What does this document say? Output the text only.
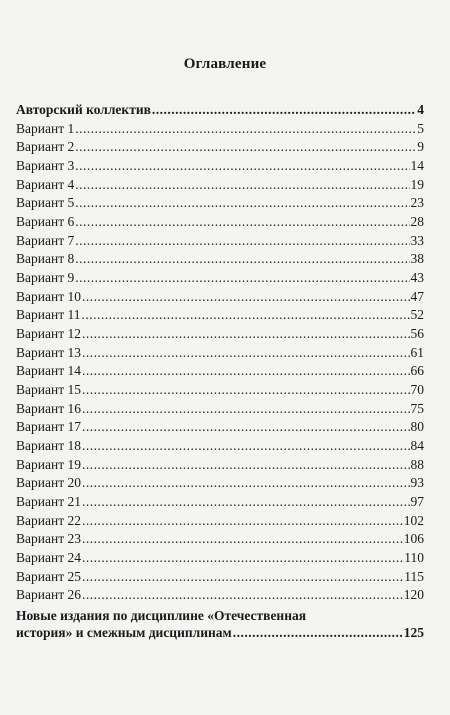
Оглавление
Авторский коллектив .....	4
Вариант 1 .....	5
Вариант 2 .....	9
Вариант 3 .....	14
Вариант 4 .....	19
Вариант 5 .....	23
Вариант 6 .....	28
Вариант 7 .....	33
Вариант 8 .....	38
Вариант 9 .....	43
Вариант 10 .....	47
Вариант 11 .....	52
Вариант 12 .....	56
Вариант 13 .....	61
Вариант 14 .....	66
Вариант 15 .....	70
Вариант 16 .....	75
Вариант 17 .....	80
Вариант 18 .....	84
Вариант 19 .....	88
Вариант 20 .....	93
Вариант 21 .....	97
Вариант 22 .....	102
Вариант 23 .....	106
Вариант 24 .....	110
Вариант 25 .....	115
Вариант 26 .....	120
Новые издания по дисциплине «Отечественная
история» и смежным дисциплинам .....	125
